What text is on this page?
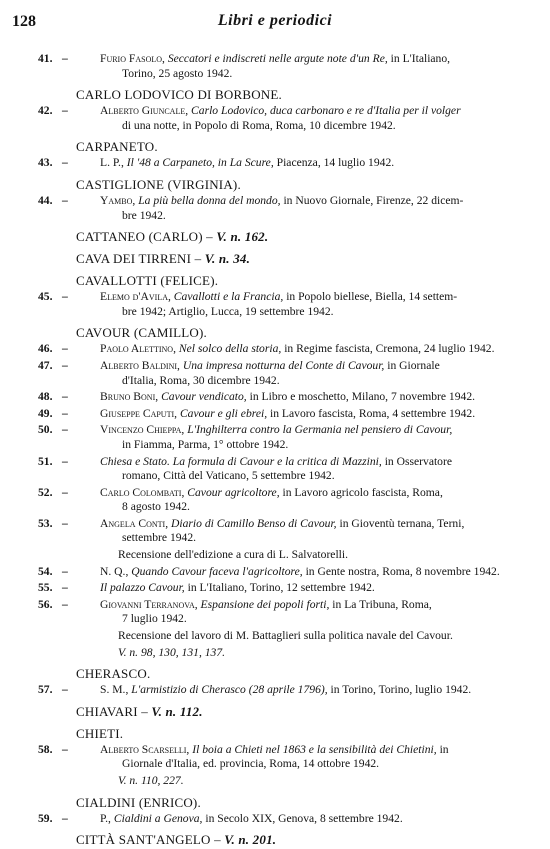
128	Libri e periodici
41. –	Furio Fasolo, Seccatori e indiscreti nelle argute note d'un Re, in L'Italiano,
Torino, 25 agosto 1942.
CARLO LODOVICO DI BORBONE.
42. –	Alberto Giuncale, Carlo Lodovico, duca carbonaro e re d'Italia per il volger
di una notte, in Popolo di Roma, Roma, 10 dicembre 1942.
CARPANETO.
43. –	L. P., Il '48 a Carpaneto, in La Scure, Piacenza, 14 luglio 1942.
CASTIGLIONE (VIRGINIA).
44. –	Yambo, La più bella donna del mondo, in Nuovo Giornale, Firenze, 22 dicem-
bre 1942.
CATTANEO (CARLO) – V. n. 162.
CAVA DEI TIRRENI – V. n. 34.
CAVALLOTTI (FELICE).
45. –	Elemo d'Avila, Cavallotti e la Francia, in Popolo biellese, Biella, 14 settem-
bre 1942; Artiglio, Lucca, 19 settembre 1942.
CAVOUR (CAMILLO).
46. –	Paolo Alettino, Nel solco della storia, in Regime fascista, Cremona, 24 luglio 1942.
47. –	Alberto Baldini, Una impresa notturna del Conte di Cavour, in Giornale
d'Italia, Roma, 30 dicembre 1942.
48. –	Bruno Boni, Cavour vendicato, in Libro e moschetto, Milano, 7 novembre 1942.
49. –	Giuseppe Caputi, Cavour e gli ebrei, in Lavoro fascista, Roma, 4 settembre 1942.
50. –	Vincenzo Chieppa, L'Inghilterra contro la Germania nel pensiero di Cavour,
in Fiamma, Parma, 1° ottobre 1942.
51. –	Chiesa e Stato. La formula di Cavour e la critica di Mazzini, in Osservatore
romano, Città del Vaticano, 5 settembre 1942.
52. –	Carlo Colombati, Cavour agricoltore, in Lavoro agricolo fascista, Roma,
8 agosto 1942.
53. –	Angela Conti, Diario di Camillo Benso di Cavour, in Gioventù ternana, Terni,
settembre 1942.
Recensione dell'edizione a cura di L. Salvatorelli.
54. –	N. Q., Quando Cavour faceva l'agricoltore, in Gente nostra, Roma, 8 novembre 1942.
55. –	Il palazzo Cavour, in L'Italiano, Torino, 12 settembre 1942.
56. –	Giovanni Terranova, Espansione dei popoli forti, in La Tribuna, Roma,
7 luglio 1942.
Recensione del lavoro di M. Battaglieri sulla politica navale del Cavour.
V. n. 98, 130, 131, 137.
CHERASCO.
57. –	S. M., L'armistizio di Cherasco (28 aprile 1796), in Torino, Torino, luglio 1942.
CHIAVARI – V. n. 112.
CHIETI.
58. –	Alberto Scarselli, Il boia a Chieti nel 1863 e la sensibilità dei Chietini, in
Giornale d'Italia, ed. provincia, Roma, 14 ottobre 1942.
V. n. 110, 227.
CIALDINI (ENRICO).
59. –	P., Cialdini a Genova, in Secolo XIX, Genova, 8 settembre 1942.
CITTÀ SANT'ANGELO – V. n. 201.
